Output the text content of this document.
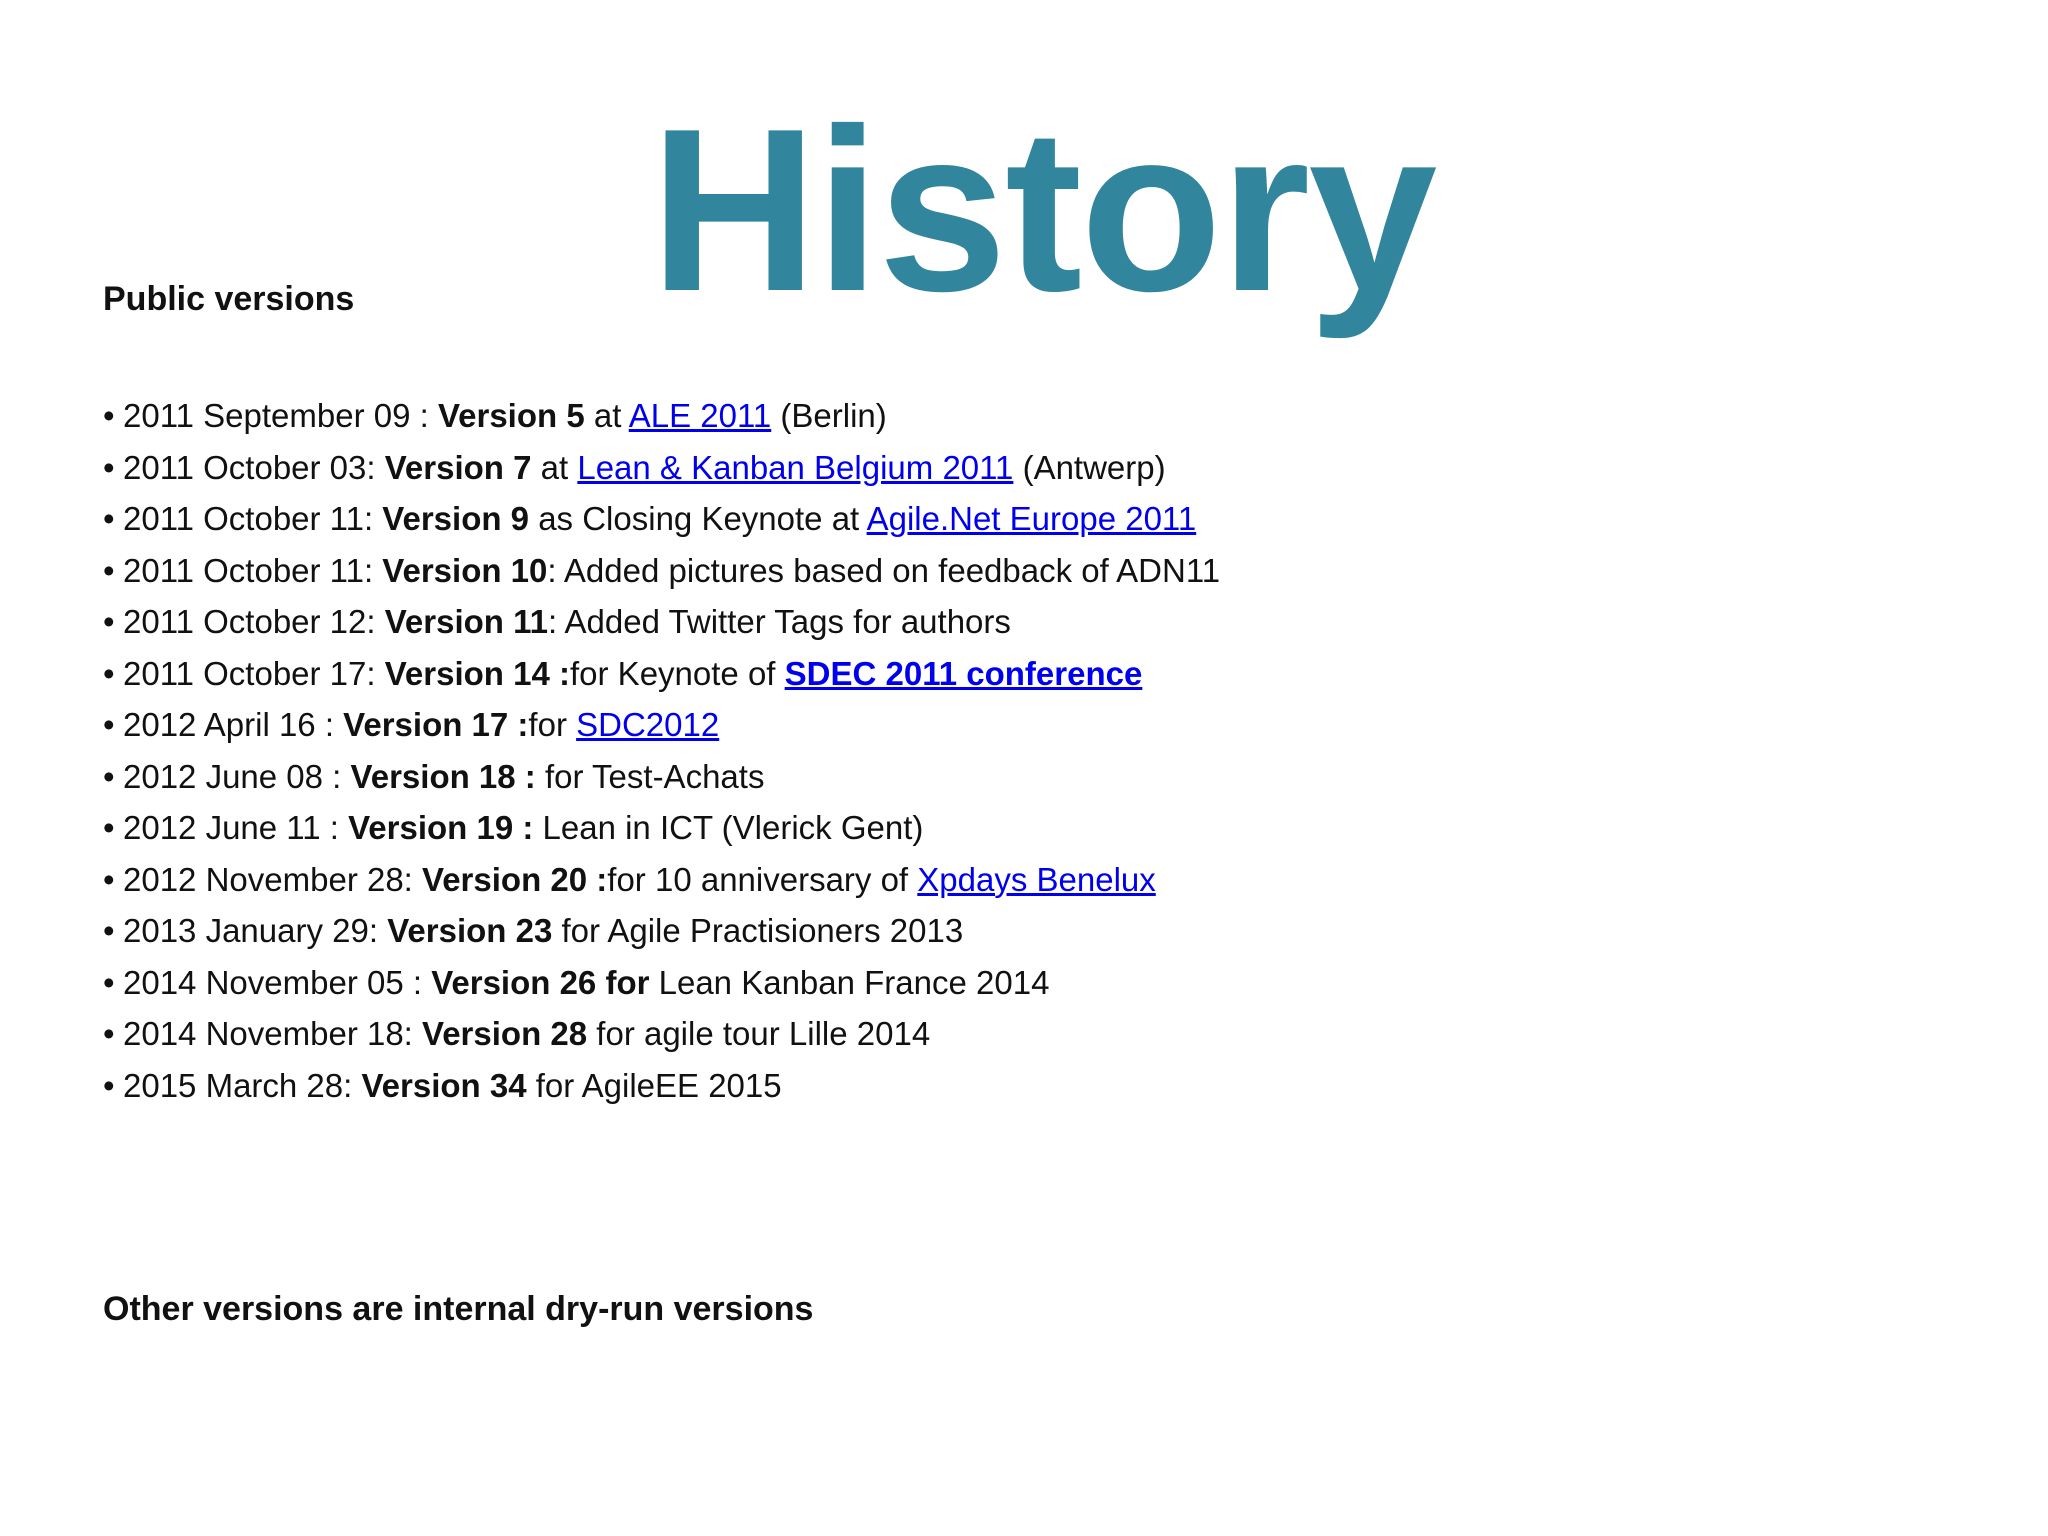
History
Public versions
• 2011 September 09 : Version 5 at ALE 2011 (Berlin)
• 2011 October 03: Version 7 at Lean & Kanban Belgium 2011 (Antwerp)
• 2011 October 11: Version 9 as Closing Keynote at Agile.Net Europe 2011
• 2011 October 11: Version 10: Added pictures based on feedback of ADN11
• 2011 October 12: Version 11: Added Twitter Tags for authors
• 2011 October 17: Version 14 :for Keynote of SDEC 2011 conference
• 2012 April 16 : Version 17 :for SDC2012
• 2012 June 08 : Version 18 : for Test-Achats
• 2012 June 11 : Version 19 : Lean in ICT (Vlerick Gent)
• 2012 November 28: Version 20 :for 10 anniversary of Xpdays Benelux
• 2013 January 29: Version 23 for Agile Practisioners 2013
• 2014 November 05 : Version 26 for Lean Kanban France 2014
• 2014 November 18: Version 28 for agile tour Lille 2014
• 2015 March 28: Version 34 for AgileEE 2015
Other versions are internal dry-run versions
